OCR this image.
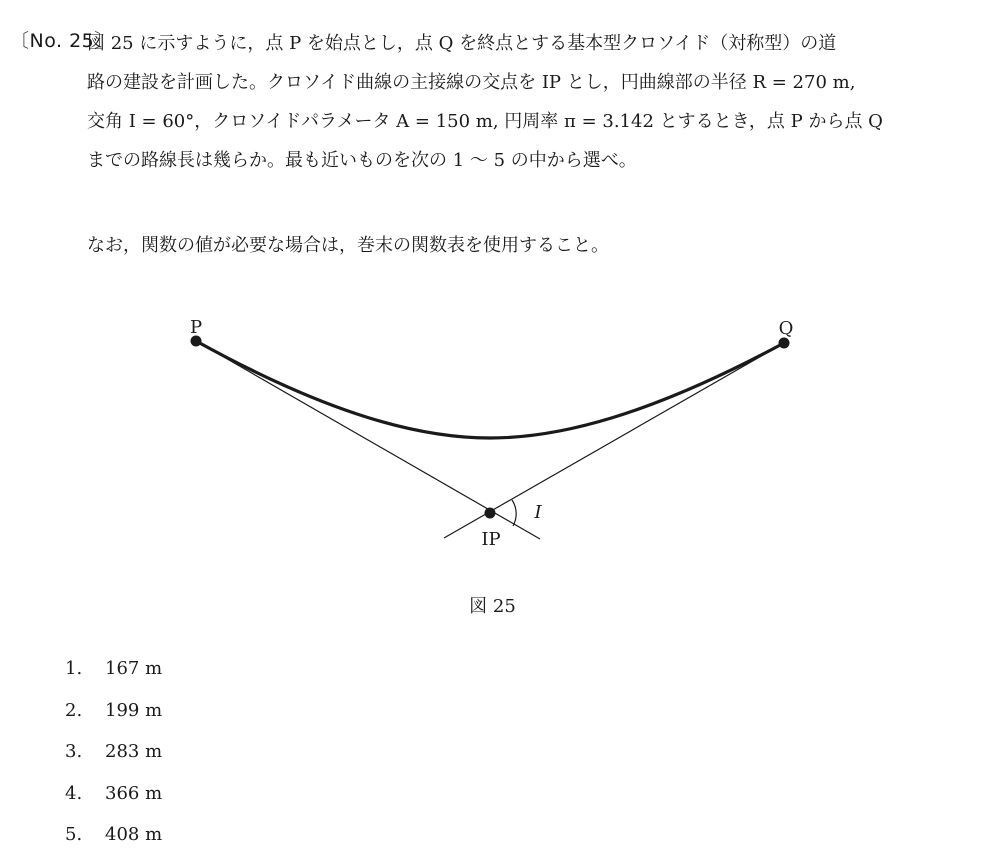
〔No. 25〕
図 25 に示すように，点 P を始点とし，点 Q を終点とする基本型クロソイド（対称型）の道
路の建設を計画した。クロソイド曲線の主接線の交点を IP とし，円曲線部の半径 R = 270 m,
交角 I = 60°，クロソイドパラメータ A = 150 m, 円周率 π = 3.142 とするとき，点 P から点 Q
までの路線長は幾らか。最も近いものを次の 1 ～ 5 の中から選べ。
なお，関数の値が必要な場合は，巻末の関数表を使用すること。
P	Q
IP
I
図 25
1. 167 m
2. 199 m
3. 283 m
4. 366 m
5. 408 m
